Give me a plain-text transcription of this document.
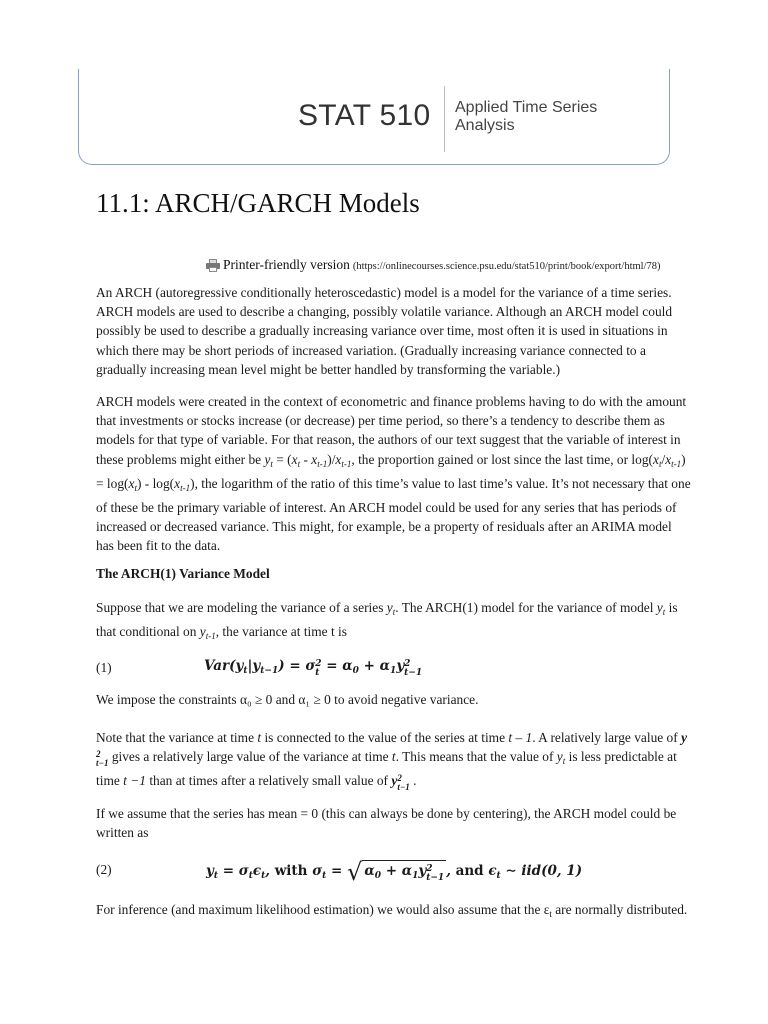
STAT 510 Applied Time Series Analysis
11.1: ARCH/GARCH Models
Printer-friendly version (https://onlinecourses.science.psu.edu/stat510/print/book/export/html/78)

An ARCH (autoregressive conditionally heteroscedastic) model is a model for the variance of a time series. ARCH models are used to describe a changing, possibly volatile variance. Although an ARCH model could possibly be used to describe a gradually increasing variance over time, most often it is used in situations in which there may be short periods of increased variation. (Gradually increasing variance connected to a gradually increasing mean level might be better handled by transforming the variable.)

ARCH models were created in the context of econometric and finance problems having to do with the amount that investments or stocks increase (or decrease) per time period, so there’s a tendency to describe them as models for that type of variable. For that reason, the authors of our text suggest that the variable of interest in these problems might either be $y_t = (x_t - x_{t-1})/x_{t-1}$, the proportion gained or lost since the last time, or $\log(x_t/x_{t-1}) = \log(x_t) - \log(x_{t-1})$, the logarithm of the ratio of this time’s value to last time’s value. It’s not necessary that one of these be the primary variable of interest. An ARCH model could be used for any series that has periods of increased or decreased variance. This might, for example, be a property of residuals after an ARIMA model has been fit to the data.

The ARCH(1) Variance Model

Suppose that we are modeling the variance of a series $y_t$. The ARCH(1) model for the variance of model $y_t$ is that conditional on $y_{t-1}$, the variance at time t is

(1)	$Var(y_t|y_{t-1}) = \sigma 2$
$t = \alpha_0 + \alpha_1y2$
t−1

We impose the constraints α₀ ≥ 0 and α₁ ≥ 0 to avoid negative variance.

Note that the variance at time t is connected to the value of the series at time t – 1. A relatively large value of y2
t−1 gives a relatively large value of the variance at time t. This means that the value of $y_t$ is less predictable at time t −1 than at times after a relatively small value of y2
t−1 .

If we assume that the series has mean = 0 (this can always be done by centering), the ARCH model could be written as

(2)	$y_t = \sigma_t\epsilon_t$, with $\sigma_t$ = √ $\alpha_0 + \alpha_1y2$
t−1 , and $\epsilon_t$ ∼ iid(0, 1)

For inference (and maximum likelihood estimation) we would also assume that the $\varepsilon_t$ are normally distributed.
